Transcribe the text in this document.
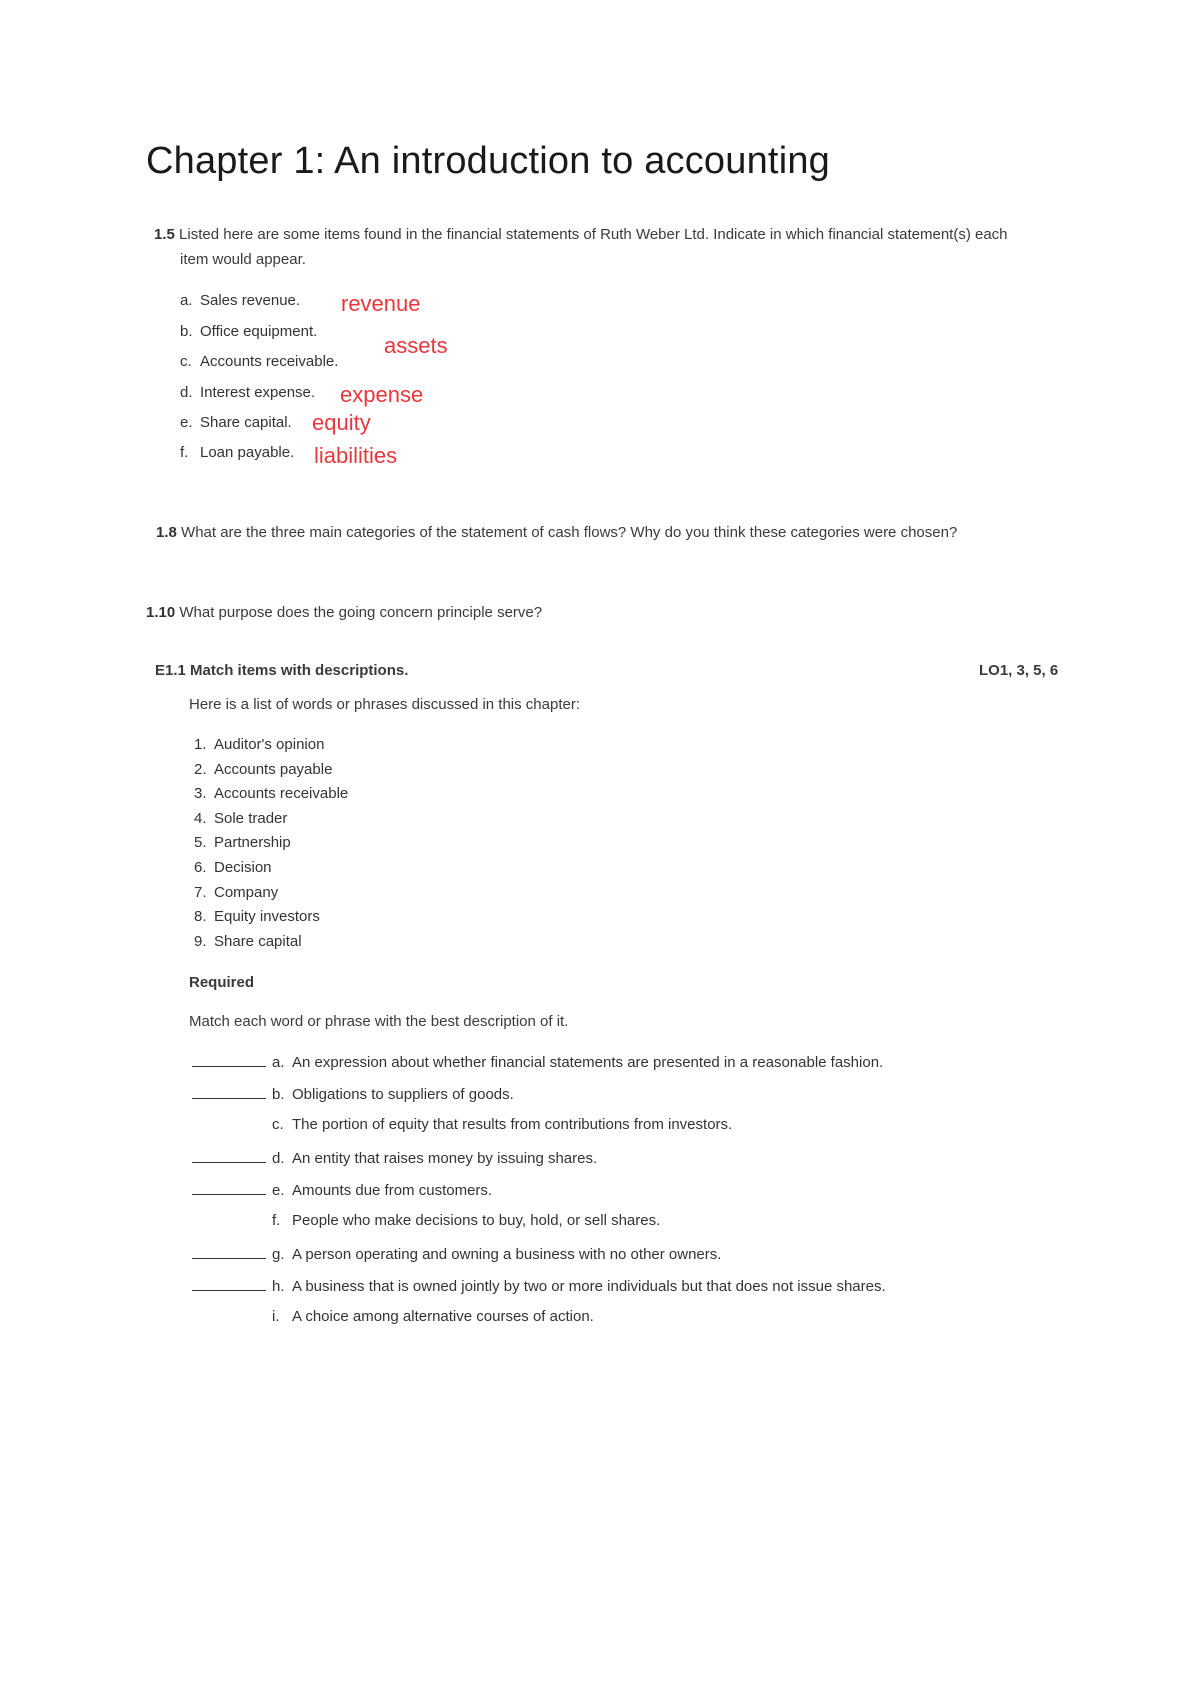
Chapter 1: An introduction to accounting
1.5 Listed here are some items found in the financial statements of Ruth Weber Ltd. Indicate in which financial statement(s) each
item would appear.
a. Sales revenue.
b. Office equipment.
c. Accounts receivable.
d. Interest expense.
e. Share capital.
f. Loan payable.
revenue
assets
expense
equity
liabilities
1.8 What are the three main categories of the statement of cash flows? Why do you think these categories were chosen?
1.10 What purpose does the going concern principle serve?
E1.1 Match items with descriptions.	LO1, 3, 5, 6
Here is a list of words or phrases discussed in this chapter:
1. Auditor's opinion
2. Accounts payable
3. Accounts receivable
4. Sole trader
5. Partnership
6. Decision
7. Company
8. Equity investors
9. Share capital
Required
Match each word or phrase with the best description of it.
a. An expression about whether financial statements are presented in a reasonable fashion.
b. Obligations to suppliers of goods.
c. The portion of equity that results from contributions from investors.
d. An entity that raises money by issuing shares.
e. Amounts due from customers.
f. People who make decisions to buy, hold, or sell shares.
g. A person operating and owning a business with no other owners.
h. A business that is owned jointly by two or more individuals but that does not issue shares.
i. A choice among alternative courses of action.
